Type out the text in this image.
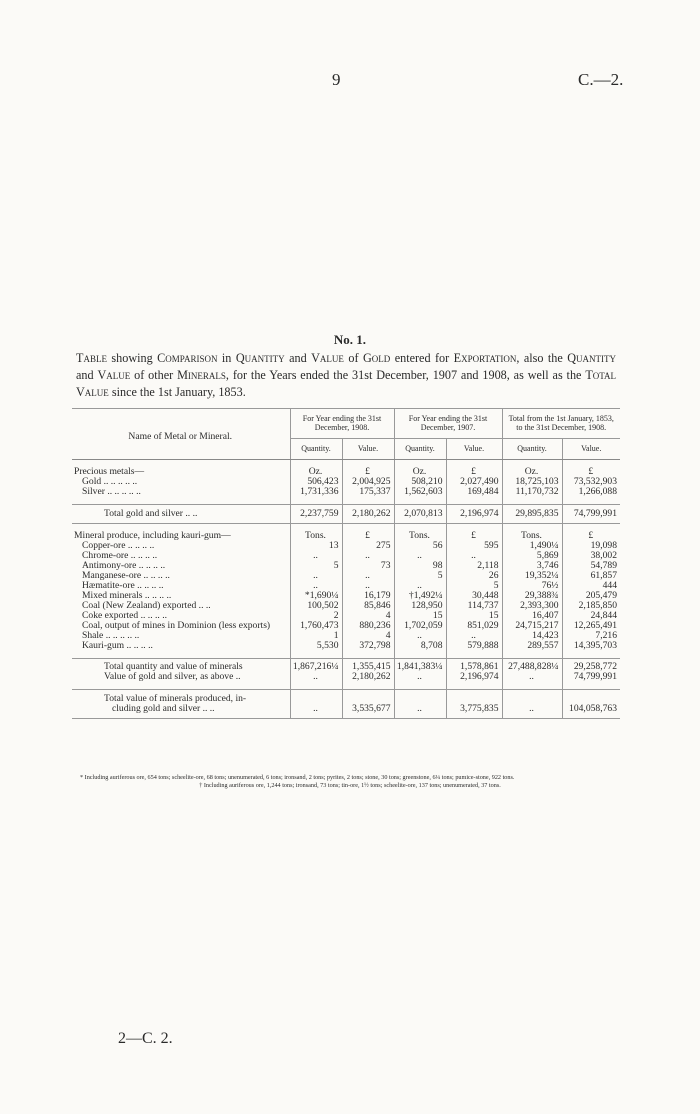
9	C.—2.
No. 1.
Table showing Comparison in Quantity and Value of Gold entered for Exportation, also the Quantity and Value of other Minerals, for the Years ended the 31st December, 1907 and 1908, as well as the Total Value since the 1st January, 1853.
Name of Metal or Mineral.	For Year ending the 31st December, 1908.		For Year ending the 31st December, 1907.		Total from the 1st January, 1853, to the 31st December, 1908.	
	Quantity.	Value.	Quantity.	Value.	Quantity.	Value.

Precious metals—	Oz.	£	Oz.	£	Oz.	£
Gold .. .. .. .. ..	506,423	2,004,925	508,210	2,027,490	18,725,103	73,532,903
Silver .. .. .. .. ..	1,731,336	175,337	1,562,603	169,484	11,170,732	1,266,088

Total gold and silver .. ..	2,237,759	2,180,262	2,070,813	2,196,974	29,895,835	74,799,991

Mineral produce, including kauri-gum—	Tons.	£	Tons.	£	Tons.	£
Copper-ore .. .. .. ..	13	275	56	595	1,490¼	19,098
Chrome-ore .. .. .. ..	..	..	..	..	5,869	38,002
Antimony-ore .. .. .. ..	5	73	98	2,118	3,746	54,789
Manganese-ore .. .. .. ..	..	..	5	26	19,352¼	61,857
Hæmatite-ore .. .. .. ..	..	..	..	5	76½	444
Mixed minerals .. .. .. ..	*1,690¼	16,179	†1,492¼	30,448	29,388¾	205,479
Coal (New Zealand) exported .. ..	100,502	85,846	128,950	114,737	2,393,300	2,185,850
Coke exported .. .. .. ..	2	4	15	15	16,407	24,844
Coal, output of mines in Dominion (less exports)	1,760,473	880,236	1,702,059	851,029	24,715,217	12,265,491
Shale .. .. .. .. ..	1	4	..	..	14,423	7,216
Kauri-gum .. .. .. ..	5,530	372,798	8,708	579,888	289,557	14,395,703

Total quantity and value of minerals	1,867,216¼	1,355,415	1,841,383¼	1,578,861	27,488,828¼	29,258,772
Value of gold and silver, as above ..	..	2,180,262	..	2,196,974	..	74,799,991

Total value of minerals produced, in-
cluding gold and silver .. ..	..	3,535,677	..	3,775,835	..	104,058,763

* Including auriferous ore, 654 tons; scheelite-ore, 68 tons; unenumerated, 6 tons; ironsand, 2 tons; pyrites, 2 tons; stone, 30 tons; greenstone, 6¼ tons; pumice-stone, 922 tons.
† Including auriferous ore, 1,244 tons; ironsand, 73 tons; tin-ore, 1½ tons; scheelite-ore, 137 tons; unenumerated, 37 tons.
2—C. 2.
